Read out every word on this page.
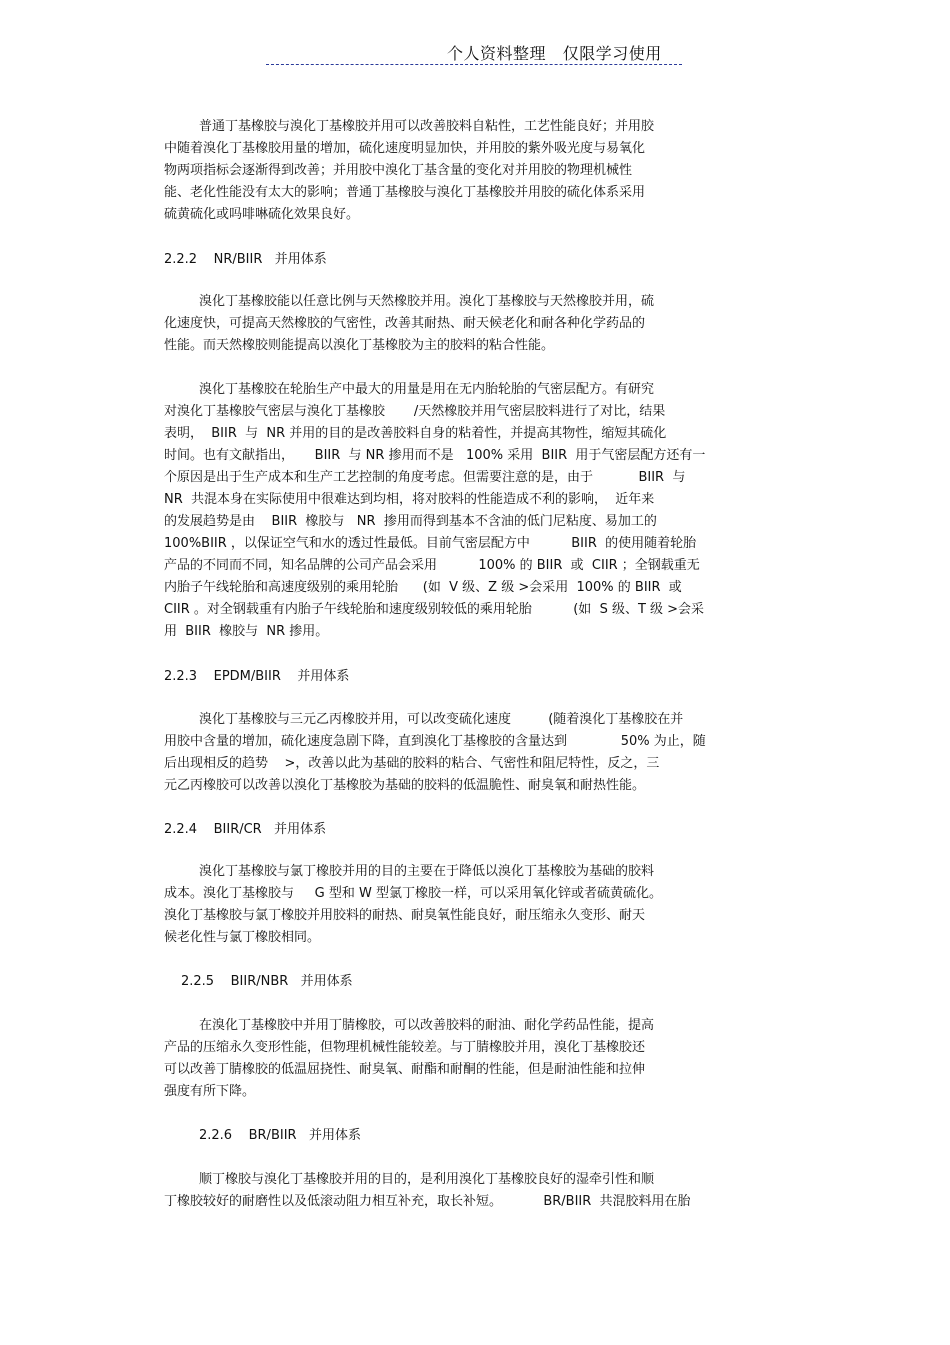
个人资料整理   仅限学习使用
普通丁基橡胶与溴化丁基橡胶并用可以改善胶料自粘性，工艺性能良好；并用胶
中随着溴化丁基橡胶用量的增加，硫化速度明显加快，并用胶的紫外吸光度与易氧化
物两项指标会逐渐得到改善；并用胶中溴化丁基含量的变化对并用胶的物理机械性
能、老化性能没有太大的影响；普通丁基橡胶与溴化丁基橡胶并用胶的硫化体系采用
硫黄硫化或吗啡啉硫化效果良好。
2.2.2    NR/BIIR   并用体系
溴化丁基橡胶能以任意比例与天然橡胶并用。溴化丁基橡胶与天然橡胶并用，硫
化速度快，可提高天然橡胶的气密性，改善其耐热、耐天候老化和耐各种化学药品的
性能。而天然橡胶则能提高以溴化丁基橡胶为主的胶料的粘合性能。
溴化丁基橡胶在轮胎生产中最大的用量是用在无内胎轮胎的气密层配方。有研究
对溴化丁基橡胶气密层与溴化丁基橡胶       /天然橡胶并用气密层胶料进行了对比，结果
表明，  BIIR  与  NR 并用的目的是改善胶料自身的粘着性，并提高其物性，缩短其硫化
时间。也有文献指出，     BIIR  与 NR 掺用而不是   100% 采用  BIIR  用于气密层配方还有一
个原因是出于生产成本和生产工艺控制的角度考虑。但需要注意的是，由于           BIIR  与
NR  共混本身在实际使用中很难达到均相，将对胶料的性能造成不利的影响，  近年来
的发展趋势是由    BIIR  橡胶与   NR  掺用而得到基本不含油的低门尼粘度、易加工的
100%BIIR ，以保证空气和水的透过性最低。目前气密层配方中          BIIR  的使用随着轮胎
产品的不同而不同，知名品牌的公司产品会采用          100% 的 BIIR  或  CIIR ；全钢载重无
内胎子午线轮胎和高速度级别的乘用轮胎      (如  V 级、Z 级 >会采用  100% 的 BIIR  或
CIIR 。对全钢载重有内胎子午线轮胎和速度级别较低的乘用轮胎          (如  S 级、T 级 >会采
用  BIIR  橡胶与  NR 掺用。
2.2.3    EPDM/BIIR    并用体系
溴化丁基橡胶与三元乙丙橡胶并用，可以改变硫化速度         (随着溴化丁基橡胶在并
用胶中含量的增加，硫化速度急剧下降，直到溴化丁基橡胶的含量达到             50% 为止，随
后出现相反的趋势    >，改善以此为基础的胶料的粘合、气密性和阻尼特性，反之，三
元乙丙橡胶可以改善以溴化丁基橡胶为基础的胶料的低温脆性、耐臭氧和耐热性能。
2.2.4    BIIR/CR   并用体系
溴化丁基橡胶与氯丁橡胶并用的目的主要在于降低以溴化丁基橡胶为基础的胶料
成本。溴化丁基橡胶与     G 型和 W 型氯丁橡胶一样，可以采用氧化锌或者硫黄硫化。
溴化丁基橡胶与氯丁橡胶并用胶料的耐热、耐臭氧性能良好，耐压缩永久变形、耐天
候老化性与氯丁橡胶相同。
2.2.5    BIIR/NBR   并用体系
在溴化丁基橡胶中并用丁腈橡胶，可以改善胶料的耐油、耐化学药品性能，提高
产品的压缩永久变形性能，但物理机械性能较差。与丁腈橡胶并用，溴化丁基橡胶还
可以改善丁腈橡胶的低温屈挠性、耐臭氧、耐酯和耐酮的性能，但是耐油性能和拉伸
强度有所下降。
2.2.6    BR/BIIR   并用体系
顺丁橡胶与溴化丁基橡胶并用的目的，是利用溴化丁基橡胶良好的湿牵引性和顺
丁橡胶较好的耐磨性以及低滚动阻力相互补充，取长补短。          BR/BIIR  共混胶料用在胎
